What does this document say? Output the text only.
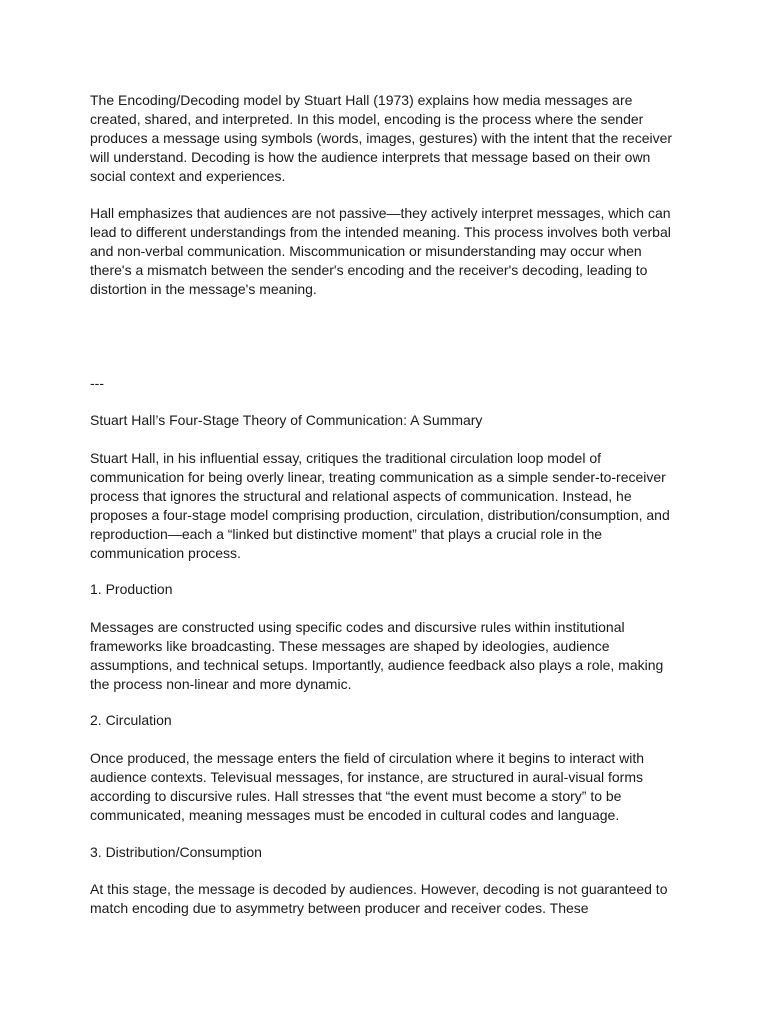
The Encoding/Decoding model by Stuart Hall (1973) explains how media messages are created, shared, and interpreted. In this model, encoding is the process where the sender produces a message using symbols (words, images, gestures) with the intent that the receiver will understand. Decoding is how the audience interprets that message based on their own social context and experiences.

Hall emphasizes that audiences are not passive—they actively interpret messages, which can lead to different understandings from the intended meaning. This process involves both verbal and non-verbal communication. Miscommunication or misunderstanding may occur when there's a mismatch between the sender's encoding and the receiver's decoding, leading to distortion in the message's meaning.

---

Stuart Hall’s Four-Stage Theory of Communication: A Summary

Stuart Hall, in his influential essay, critiques the traditional circulation loop model of communication for being overly linear, treating communication as a simple sender-to-receiver process that ignores the structural and relational aspects of communication. Instead, he proposes a four-stage model comprising production, circulation, distribution/consumption, and reproduction—each a “linked but distinctive moment” that plays a crucial role in the communication process.

1. Production

Messages are constructed using specific codes and discursive rules within institutional frameworks like broadcasting. These messages are shaped by ideologies, audience assumptions, and technical setups. Importantly, audience feedback also plays a role, making the process non-linear and more dynamic.

2. Circulation

Once produced, the message enters the field of circulation where it begins to interact with audience contexts. Televisual messages, for instance, are structured in aural-visual forms according to discursive rules. Hall stresses that “the event must become a story” to be communicated, meaning messages must be encoded in cultural codes and language.

3. Distribution/Consumption

At this stage, the message is decoded by audiences. However, decoding is not guaranteed to match encoding due to asymmetry between producer and receiver codes. These
